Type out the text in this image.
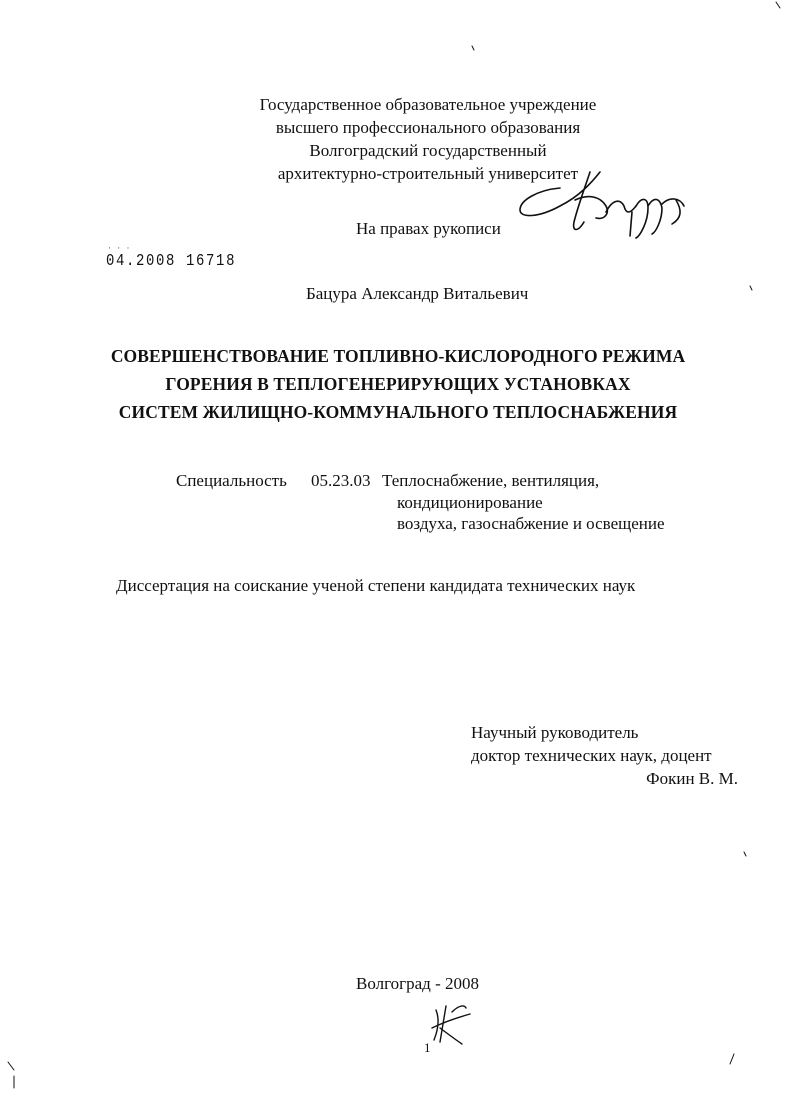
Государственное образовательное учреждение
высшего профессионального образования
Волгоградский государственный
архитектурно-строительный университет
На правах рукописи
· · ·
04.2008 16718
Бацура Александр Витальевич
СОВЕРШЕНСТВОВАНИЕ ТОПЛИВНО-КИСЛОРОДНОГО РЕЖИМА
ГОРЕНИЯ В ТЕПЛОГЕНЕРИРУЮЩИХ УСТАНОВКАХ
СИСТЕМ ЖИЛИЩНО-КОММУНАЛЬНОГО ТЕПЛОСНАБЖЕНИЯ
Специальность 05.23.03 Теплоснабжение, вентиляция,
кондиционирование
воздуха, газоснабжение и освещение
Диссертация на соискание ученой степени кандидата технических наук
Научный руководитель
доктор технических наук, доцент
Фокин В. М.
Волгоград - 2008
1
